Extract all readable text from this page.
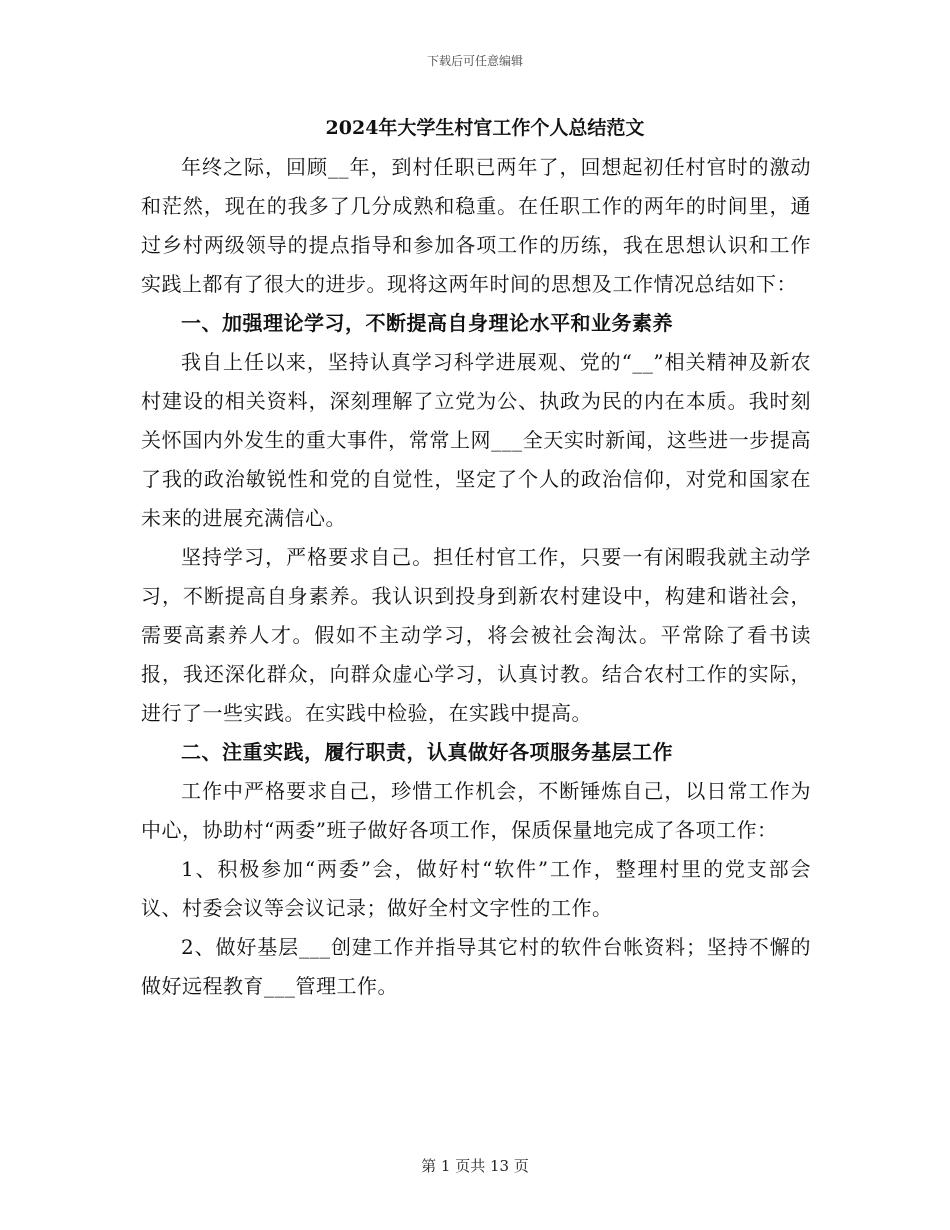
下载后可任意编辑
2024年大学生村官工作个人总结范文

年终之际，回顾__年，到村任职已两年了，回想起初任村官时的激动和茫然，现在的我多了几分成熟和稳重。在任职工作的两年的时间里，通过乡村两级领导的提点指导和参加各项工作的历练，我在思想认识和工作实践上都有了很大的进步。现将这两年时间的思想及工作情况总结如下：

一、加强理论学习，不断提高自身理论水平和业务素养

我自上任以来，坚持认真学习科学进展观、党的“__”相关精神及新农村建设的相关资料，深刻理解了立党为公、执政为民的内在本质。我时刻关怀国内外发生的重大事件，常常上网___全天实时新闻，这些进一步提高了我的政治敏锐性和党的自觉性，坚定了个人的政治信仰，对党和国家在未来的进展充满信心。

坚持学习，严格要求自己。担任村官工作，只要一有闲暇我就主动学习，不断提高自身素养。我认识到投身到新农村建设中，构建和谐社会，需要高素养人才。假如不主动学习，将会被社会淘汰。平常除了看书读报，我还深化群众，向群众虚心学习，认真讨教。结合农村工作的实际，进行了一些实践。在实践中检验，在实践中提高。

二、注重实践，履行职责，认真做好各项服务基层工作

工作中严格要求自己，珍惜工作机会，不断锤炼自己，以日常工作为中心，协助村“两委”班子做好各项工作，保质保量地完成了各项工作：

1、积极参加“两委”会，做好村“软件”工作，整理村里的党支部会议、村委会议等会议记录；做好全村文字性的工作。

2、做好基层___创建工作并指导其它村的软件台帐资料；坚持不懈的做好远程教育___管理工作。

第 1 页共 13 页
